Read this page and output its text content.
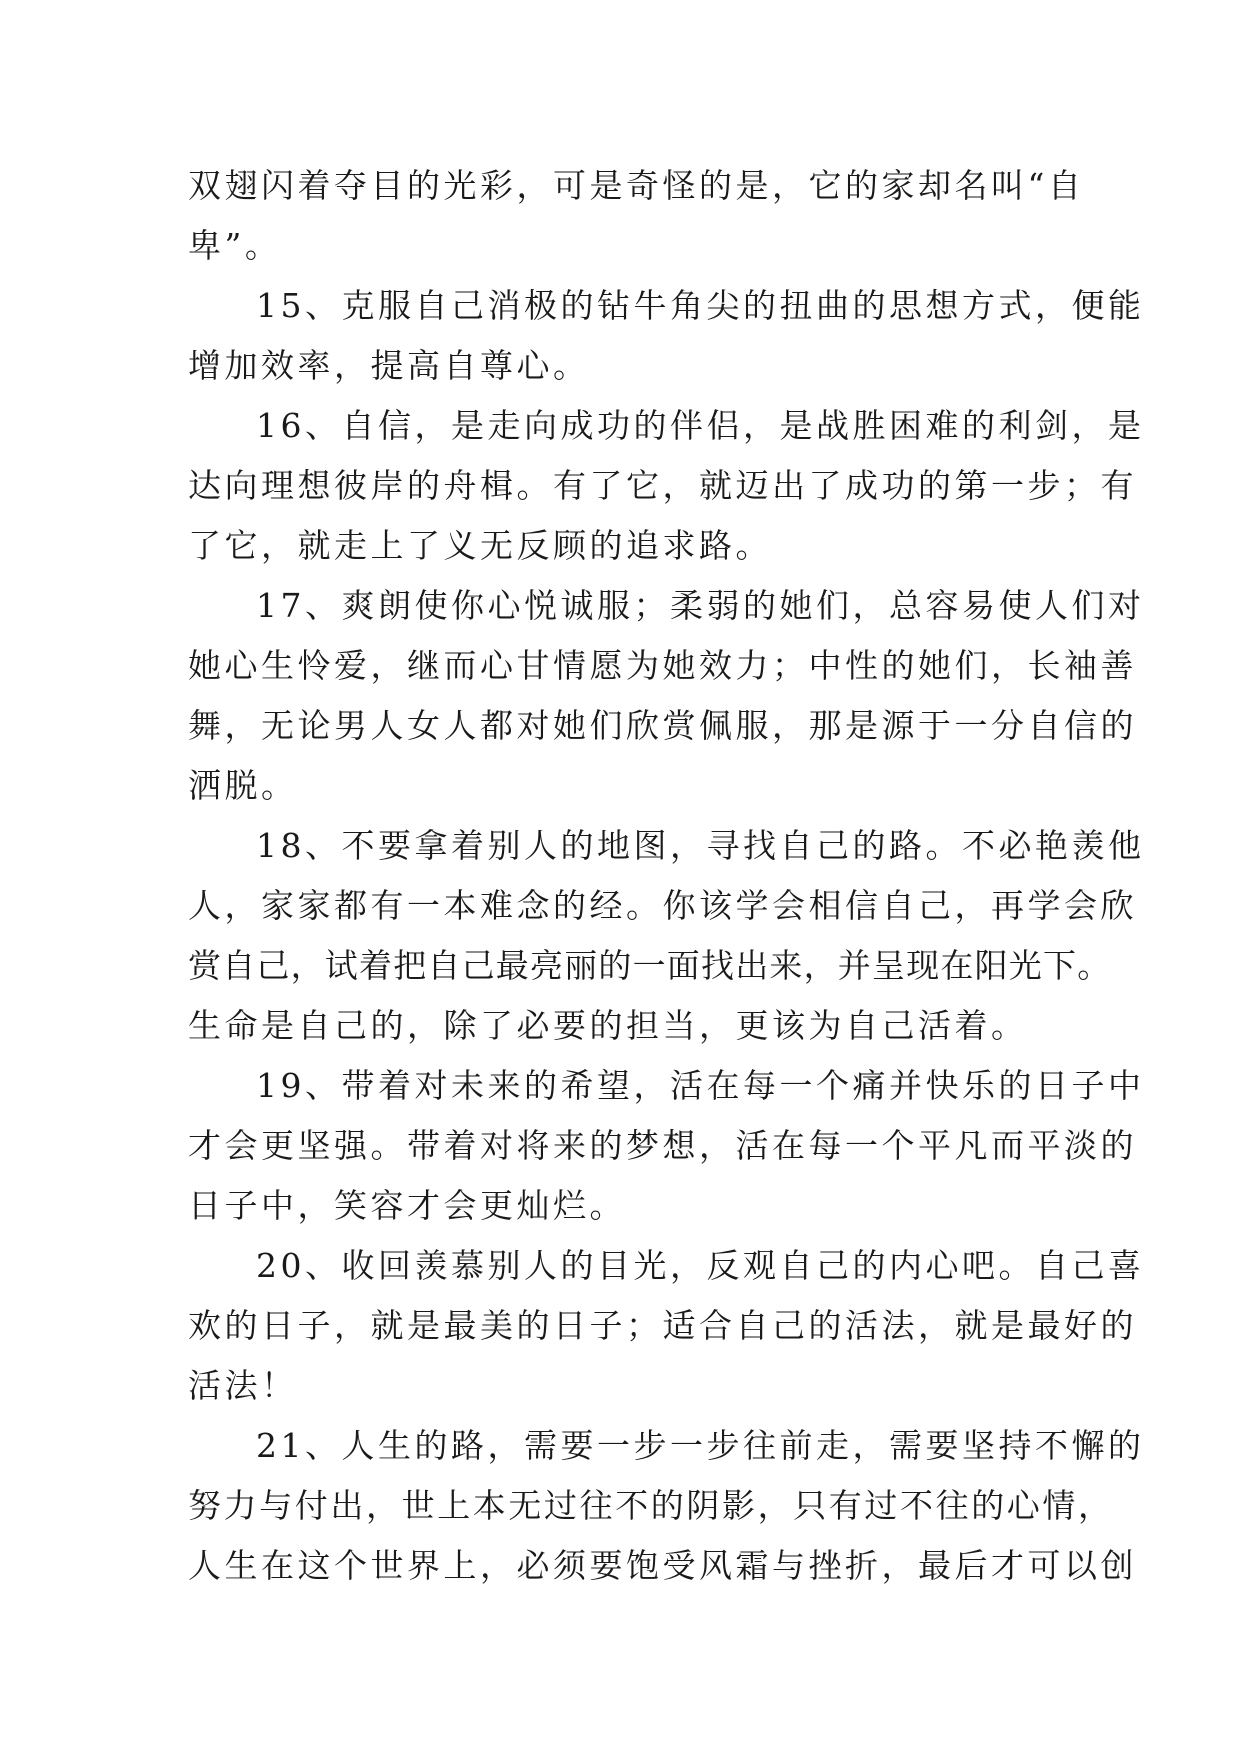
双翅闪着夺目的光彩，可是奇怪的是，它的家却名叫“自
卑”。

15、克服自己消极的钻牛角尖的扭曲的思想方式，便能
增加效率，提高自尊心。

16、自信，是走向成功的伴侣，是战胜困难的利剑，是
达向理想彼岸的舟楫。有了它，就迈出了成功的第一步；有
了它，就走上了义无反顾的追求路。

17、爽朗使你心悦诚服；柔弱的她们，总容易使人们对
她心生怜爱，继而心甘情愿为她效力；中性的她们，长袖善
舞，无论男人女人都对她们欣赏佩服，那是源于一分自信的
洒脱。

18、不要拿着别人的地图，寻找自己的路。不必艳羡他
人，家家都有一本难念的经。你该学会相信自己，再学会欣
赏自己，试着把自己最亮丽的一面找出来，并呈现在阳光下。
生命是自己的，除了必要的担当，更该为自己活着。

19、带着对未来的希望，活在每一个痛并快乐的日子中
才会更坚强。带着对将来的梦想，活在每一个平凡而平淡的
日子中，笑容才会更灿烂。

20、收回羡慕别人的目光，反观自己的内心吧。自己喜
欢的日子，就是最美的日子；适合自己的活法，就是最好的
活法！

21、人生的路，需要一步一步往前走，需要坚持不懈的
努力与付出，世上本无过往不的阴影，只有过不往的心情，
人生在这个世界上，必须要饱受风霜与挫折，最后才可以创
